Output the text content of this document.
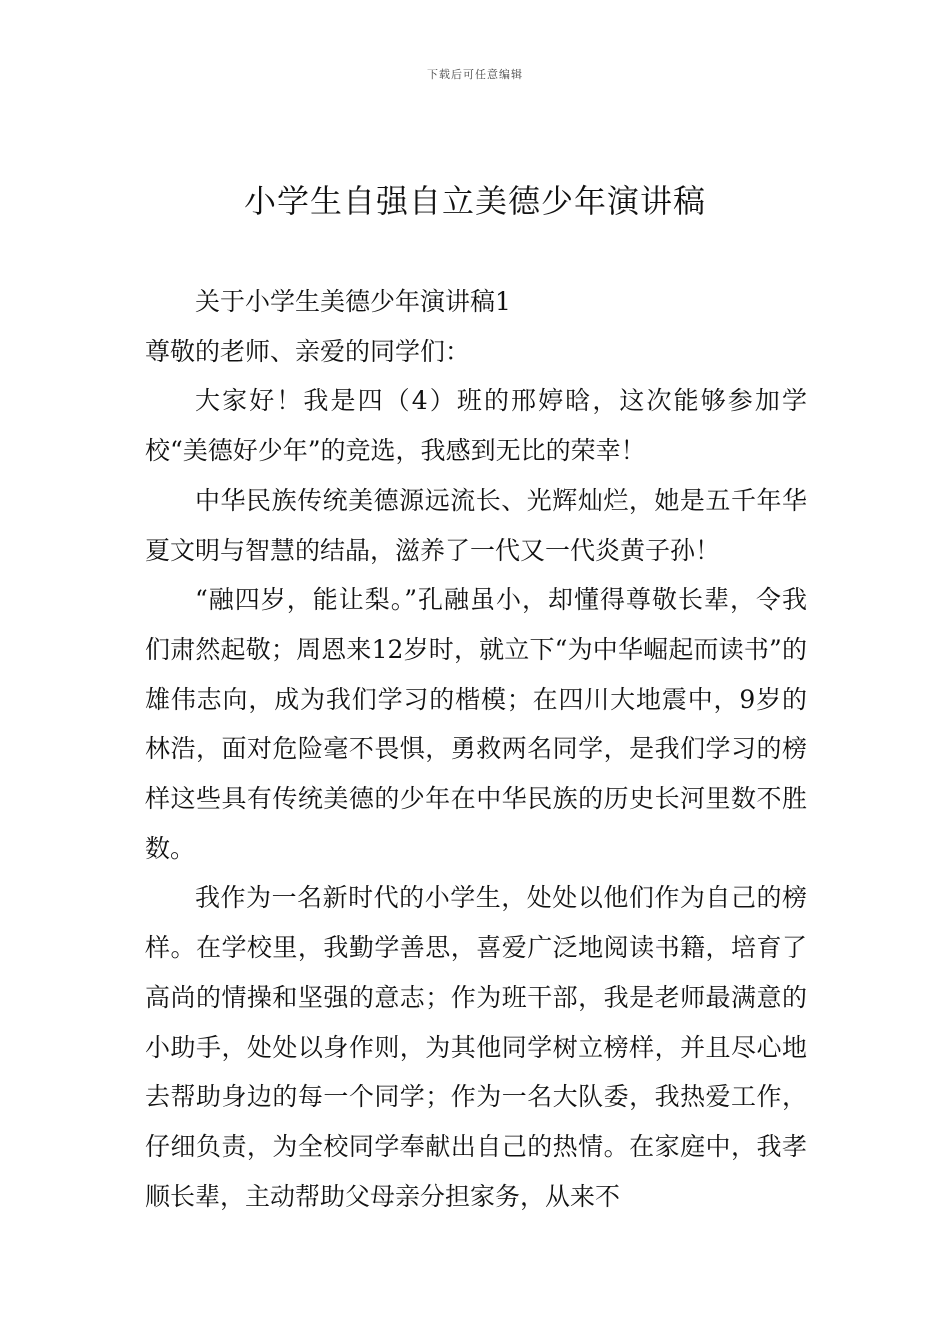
下载后可任意编辑
小学生自强自立美德少年演讲稿

关于小学生美德少年演讲稿1

尊敬的老师、亲爱的同学们：

大家好！我是四（4）班的邢婷晗，这次能够参加学校“美德好少年”的竞选，我感到无比的荣幸！

中华民族传统美德源远流长、光辉灿烂，她是五千年华夏文明与智慧的结晶，滋养了一代又一代炎黄子孙！

“融四岁，能让梨。”孔融虽小，却懂得尊敬长辈，令我们肃然起敬；周恩来12岁时，就立下“为中华崛起而读书”的雄伟志向，成为我们学习的楷模；在四川大地震中，9岁的林浩，面对危险毫不畏惧，勇救两名同学，是我们学习的榜样这些具有传统美德的少年在中华民族的历史长河里数不胜数。

我作为一名新时代的小学生，处处以他们作为自己的榜样。在学校里，我勤学善思，喜爱广泛地阅读书籍，培育了高尚的情操和坚强的意志；作为班干部，我是老师最满意的小助手，处处以身作则，为其他同学树立榜样，并且尽心地去帮助身边的每一个同学；作为一名大队委，我热爱工作，仔细负责，为全校同学奉献出自己的热情。在家庭中，我孝顺长辈，主动帮助父母亲分担家务，从来不
